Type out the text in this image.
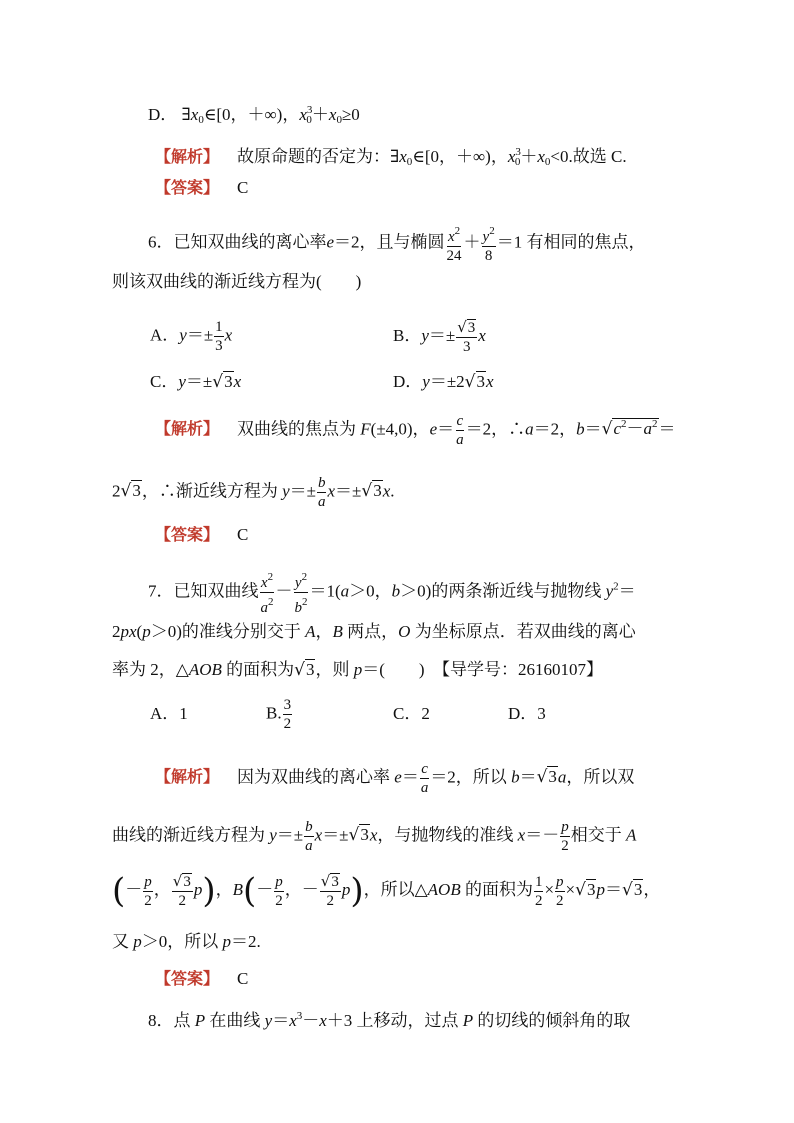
D． $\exists x_0\in[0$，＋∞)，$x^3_0+x_0\ge 0$
【解析】 故原命题的否定为：$\exists x_0\in[0$，＋∞)，$x^3_0+x_0<0$.故选 C.
【答案】 C
6．已知双曲线的离心率e＝2，且与椭圆 $\frac{x^2}{24} + \frac{y^2}{8} =1$ 有相同的焦点，
则该双曲线的渐近线方程为(　　)
A．$y=\pm \frac{1}{3}$ x	B．$y=\pm \frac{√3}{3}$ x
C．y＝±√3x	D．y＝±2√3x
【解析】 双曲线的焦点为 F(±4,0)，$e= \frac{c}{a} =2$，∴a＝2，$b=√c^2-a^2=$
2√3，∴渐近线方程为 $y=\pm \frac{b}{a} x=\pm√3x$.
【答案】 C
7．已知双曲线 $\frac{x^2}{a^2} - \frac{y^2}{b^2} =1(a>0$，b＞0)的两条渐近线与抛物线 $y^2=$
2px(p＞0)的准线分别交于 A，B 两点，O 为坐标原点．若双曲线的离心
率为 2，△AOB 的面积为√3，则 p＝(　　)　【导学号：26160107】
A．1	B. $\frac{3}{2}$	C．2	D．3
【解析】 因为双曲线的离心率 $e= \frac{c}{a} =2$，所以 b＝√3a，所以双
曲线的渐近线方程为 $y=\pm \frac{b}{a} x=\pm√3x$，与抛物线的准线 $x=- \frac{p}{2}$ 相交于 A
(－ $\frac{p}{2}$ ， $\frac{√3}{2} p$)，$B(- \frac{p}{2}$ ，－ $\frac{√3}{2} p$)，所以△AOB 的面积为 $\frac{1}{2} \times \frac{p}{2} \times√3p=√3$，
又 p＞0，所以 p＝2.
【答案】 C
8．点 P 在曲线 $y=x^3-x+3$ 上移动，过点 P 的切线的倾斜角的取
